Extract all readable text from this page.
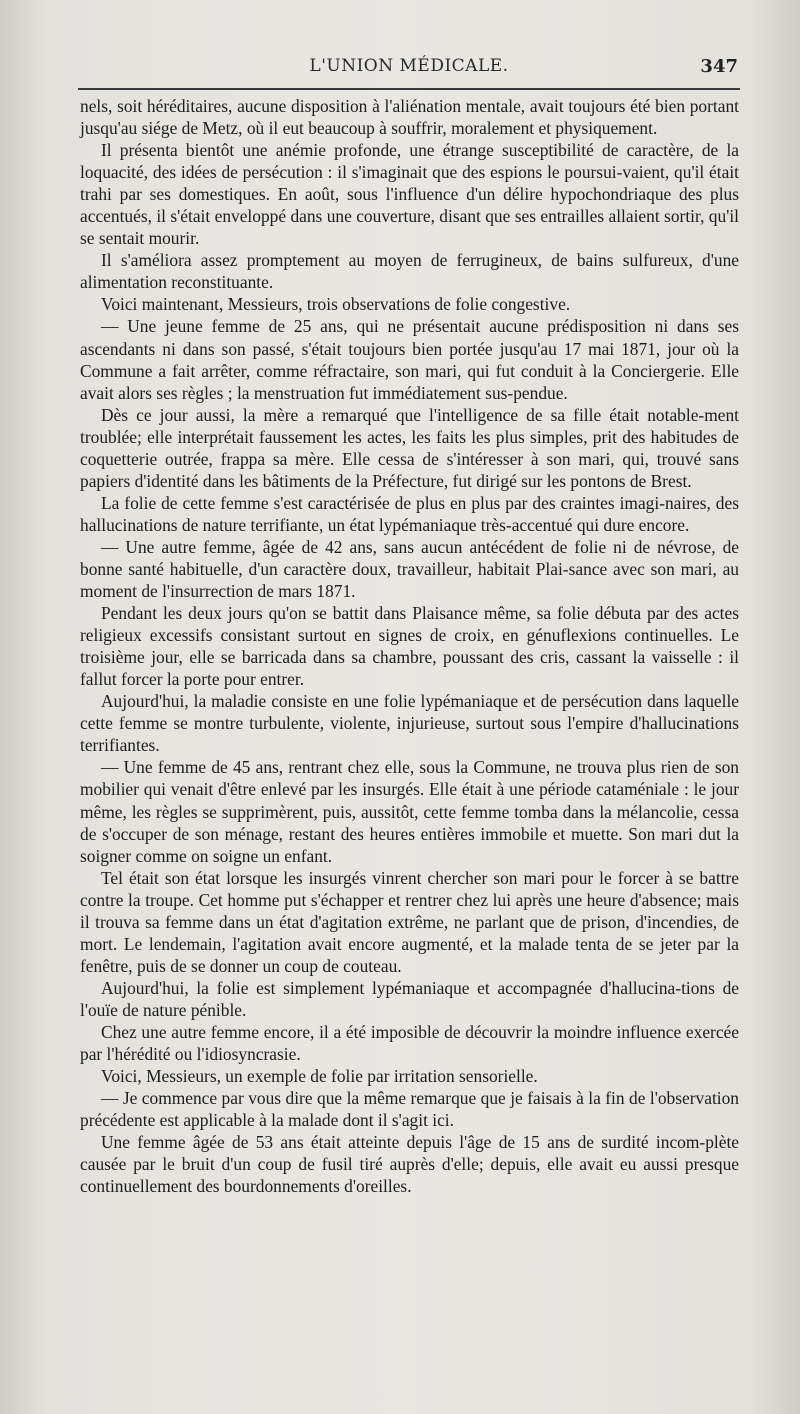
L'UNION MÉDICALE.	347

nels, soit héréditaires, aucune disposition à l'aliénation mentale, avait toujours été bien portant jusqu'au siége de Metz, où il eut beaucoup à souffrir, moralement et physiquement.

Il présenta bientôt une anémie profonde, une étrange susceptibilité de caractère, de la loquacité, des idées de persécution : il s'imaginait que des espions le poursui-vaient, qu'il était trahi par ses domestiques. En août, sous l'influence d'un délire hypochondriaque des plus accentués, il s'était enveloppé dans une couverture, disant que ses entrailles allaient sortir, qu'il se sentait mourir.

Il s'améliora assez promptement au moyen de ferrugineux, de bains sulfureux, d'une alimentation reconstituante.

Voici maintenant, Messieurs, trois observations de folie congestive.

— Une jeune femme de 25 ans, qui ne présentait aucune prédisposition ni dans ses ascendants ni dans son passé, s'était toujours bien portée jusqu'au 17 mai 1871, jour où la Commune a fait arrêter, comme réfractaire, son mari, qui fut conduit à la Conciergerie. Elle avait alors ses règles ; la menstruation fut immédiatement sus-pendue.

Dès ce jour aussi, la mère a remarqué que l'intelligence de sa fille était notable-ment troublée; elle interprétait faussement les actes, les faits les plus simples, prit des habitudes de coquetterie outrée, frappa sa mère. Elle cessa de s'intéresser à son mari, qui, trouvé sans papiers d'identité dans les bâtiments de la Préfecture, fut dirigé sur les pontons de Brest.

La folie de cette femme s'est caractérisée de plus en plus par des craintes imagi-naires, des hallucinations de nature terrifiante, un état lypémaniaque très-accentué qui dure encore.

— Une autre femme, âgée de 42 ans, sans aucun antécédent de folie ni de névrose, de bonne santé habituelle, d'un caractère doux, travailleur, habitait Plai-sance avec son mari, au moment de l'insurrection de mars 1871.

Pendant les deux jours qu'on se battit dans Plaisance même, sa folie débuta par des actes religieux excessifs consistant surtout en signes de croix, en génuflexions continuelles. Le troisième jour, elle se barricada dans sa chambre, poussant des cris, cassant la vaisselle : il fallut forcer la porte pour entrer.

Aujourd'hui, la maladie consiste en une folie lypémaniaque et de persécution dans laquelle cette femme se montre turbulente, violente, injurieuse, surtout sous l'empire d'hallucinations terrifiantes.

— Une femme de 45 ans, rentrant chez elle, sous la Commune, ne trouva plus rien de son mobilier qui venait d'être enlevé par les insurgés. Elle était à une période cataméniale : le jour même, les règles se supprimèrent, puis, aussitôt, cette femme tomba dans la mélancolie, cessa de s'occuper de son ménage, restant des heures entières immobile et muette. Son mari dut la soigner comme on soigne un enfant.

Tel était son état lorsque les insurgés vinrent chercher son mari pour le forcer à se battre contre la troupe. Cet homme put s'échapper et rentrer chez lui après une heure d'absence; mais il trouva sa femme dans un état d'agitation extrême, ne parlant que de prison, d'incendies, de mort. Le lendemain, l'agitation avait encore augmenté, et la malade tenta de se jeter par la fenêtre, puis de se donner un coup de couteau.

Aujourd'hui, la folie est simplement lypémaniaque et accompagnée d'hallucina-tions de l'ouïe de nature pénible.

Chez une autre femme encore, il a été imposible de découvrir la moindre influence exercée par l'hérédité ou l'idiosyncrasie.

Voici, Messieurs, un exemple de folie par irritation sensorielle.

— Je commence par vous dire que la même remarque que je faisais à la fin de l'observation précédente est applicable à la malade dont il s'agit ici.

Une femme âgée de 53 ans était atteinte depuis l'âge de 15 ans de surdité incom-plète causée par le bruit d'un coup de fusil tiré auprès d'elle; depuis, elle avait eu aussi presque continuellement des bourdonnements d'oreilles.
